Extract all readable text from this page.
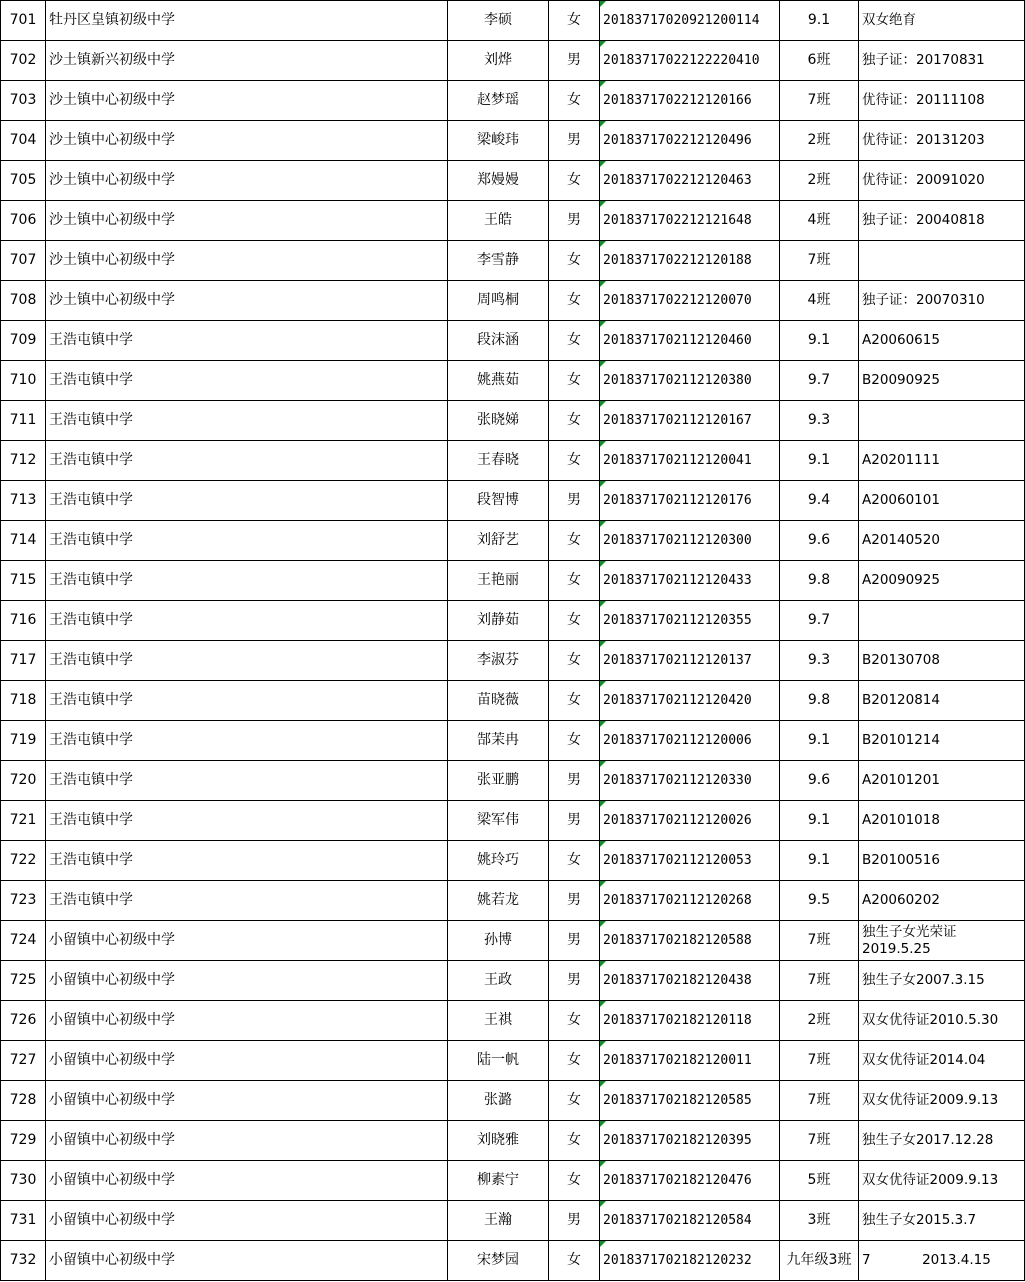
701	牡丹区皇镇初级中学	李硕	女	20183717020921200114	9.1	双女绝育
702	沙土镇新兴初级中学	刘烨	男	20183717022122220410	6班	独子证：20170831
703	沙土镇中心初级中学	赵梦瑶	女	2018371702212120166	7班	优待证：20111108
704	沙土镇中心初级中学	梁峻玮	男	2018371702212120496	2班	优待证：20131203
705	沙土镇中心初级中学	郑嫚嫚	女	2018371702212120463	2班	优待证：20091020
706	沙土镇中心初级中学	王皓	男	2018371702212121648	4班	独子证：20040818
707	沙土镇中心初级中学	李雪静	女	2018371702212120188	7班	
708	沙土镇中心初级中学	周鸣桐	女	2018371702212120070	4班	独子证：20070310
709	王浩屯镇中学	段沫涵	女	2018371702112120460	9.1	A20060615
710	王浩屯镇中学	姚燕茹	女	2018371702112120380	9.7	B20090925
711	王浩屯镇中学	张晓娣	女	2018371702112120167	9.3	
712	王浩屯镇中学	王春晓	女	2018371702112120041	9.1	A20201111
713	王浩屯镇中学	段智博	男	2018371702112120176	9.4	A20060101
714	王浩屯镇中学	刘舒艺	女	2018371702112120300	9.6	A20140520
715	王浩屯镇中学	王艳丽	女	2018371702112120433	9.8	A20090925
716	王浩屯镇中学	刘静茹	女	2018371702112120355	9.7	
717	王浩屯镇中学	李淑芬	女	2018371702112120137	9.3	B20130708
718	王浩屯镇中学	苗晓薇	女	2018371702112120420	9.8	B20120814
719	王浩屯镇中学	郜茉冉	女	2018371702112120006	9.1	B20101214
720	王浩屯镇中学	张亚鹏	男	2018371702112120330	9.6	A20101201
721	王浩屯镇中学	梁军伟	男	2018371702112120026	9.1	A20101018
722	王浩屯镇中学	姚玲巧	女	2018371702112120053	9.1	B20100516
723	王浩屯镇中学	姚若龙	男	2018371702112120268	9.5	A20060202
724	小留镇中心初级中学	孙博	男	2018371702182120588	7班	独生子女光荣证
2019.5.25
725	小留镇中心初级中学	王政	男	2018371702182120438	7班	独生子女2007.3.15
726	小留镇中心初级中学	王祺	女	2018371702182120118	2班	双女优待证2010.5.30
727	小留镇中心初级中学	陆一帆	女	2018371702182120011	7班	双女优待证2014.04
728	小留镇中心初级中学	张潞	女	2018371702182120585	7班	双女优待证2009.9.13
729	小留镇中心初级中学	刘晓雅	女	2018371702182120395	7班	独生子女2017.12.28
730	小留镇中心初级中学	柳素宁	女	2018371702182120476	5班	双女优待证2009.9.13
731	小留镇中心初级中学	王瀚	男	2018371702182120584	3班	独生子女2015.3.7
732	小留镇中心初级中学	宋梦园	女	2018371702182120232	九年级3班	7            2013.4.15
